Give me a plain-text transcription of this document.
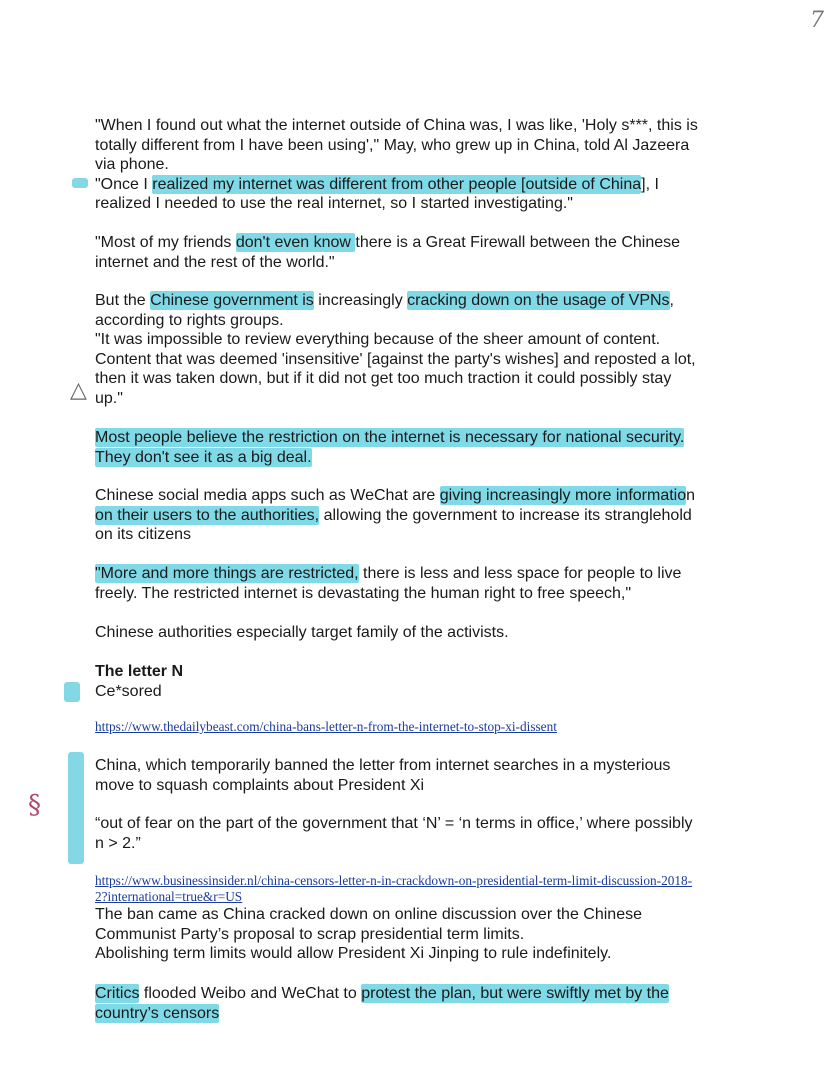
7
△
§
"When I found out what the internet outside of China was, I was like, 'Holy s***, this is
totally different from I have been using'," May, who grew up in China, told Al Jazeera
via phone.
"Once I realized my internet was different from other people [outside of China], I
realized I needed to use the real internet, so I started investigating."
"Most of my friends don't even know there is a Great Firewall between the Chinese
internet and the rest of the world."
But the Chinese government is increasingly cracking down on the usage of VPNs,
according to rights groups.
"It was impossible to review everything because of the sheer amount of content.
Content that was deemed 'insensitive' [against the party's wishes] and reposted a lot,
then it was taken down, but if it did not get too much traction it could possibly stay
up."
Most people believe the restriction on the internet is necessary for national security.
They don't see it as a big deal.
Chinese social media apps such as WeChat are giving increasingly more information
on their users to the authorities, allowing the government to increase its stranglehold
on its citizens
"More and more things are restricted, there is less and less space for people to live
freely. The restricted internet is devastating the human right to free speech,"
Chinese authorities especially target family of the activists.
The letter N
Ce*sored
https://www.thedailybeast.com/china-bans-letter-n-from-the-internet-to-stop-xi-dissent
China, which temporarily banned the letter from internet searches in a mysterious
move to squash complaints about President Xi
“out of fear on the part of the government that ‘N’ = ‘n terms in office,’ where possibly
n > 2.”
https://www.businessinsider.nl/china-censors-letter-n-in-crackdown-on-presidential-term-limit-discussion-2018-
2?international=true&r=US
The ban came as China cracked down on online discussion over the Chinese
Communist Party’s proposal to scrap presidential term limits.
Abolishing term limits would allow President Xi Jinping to rule indefinitely.
Critics flooded Weibo and WeChat to protest the plan, but were swiftly met by the
country’s censors
